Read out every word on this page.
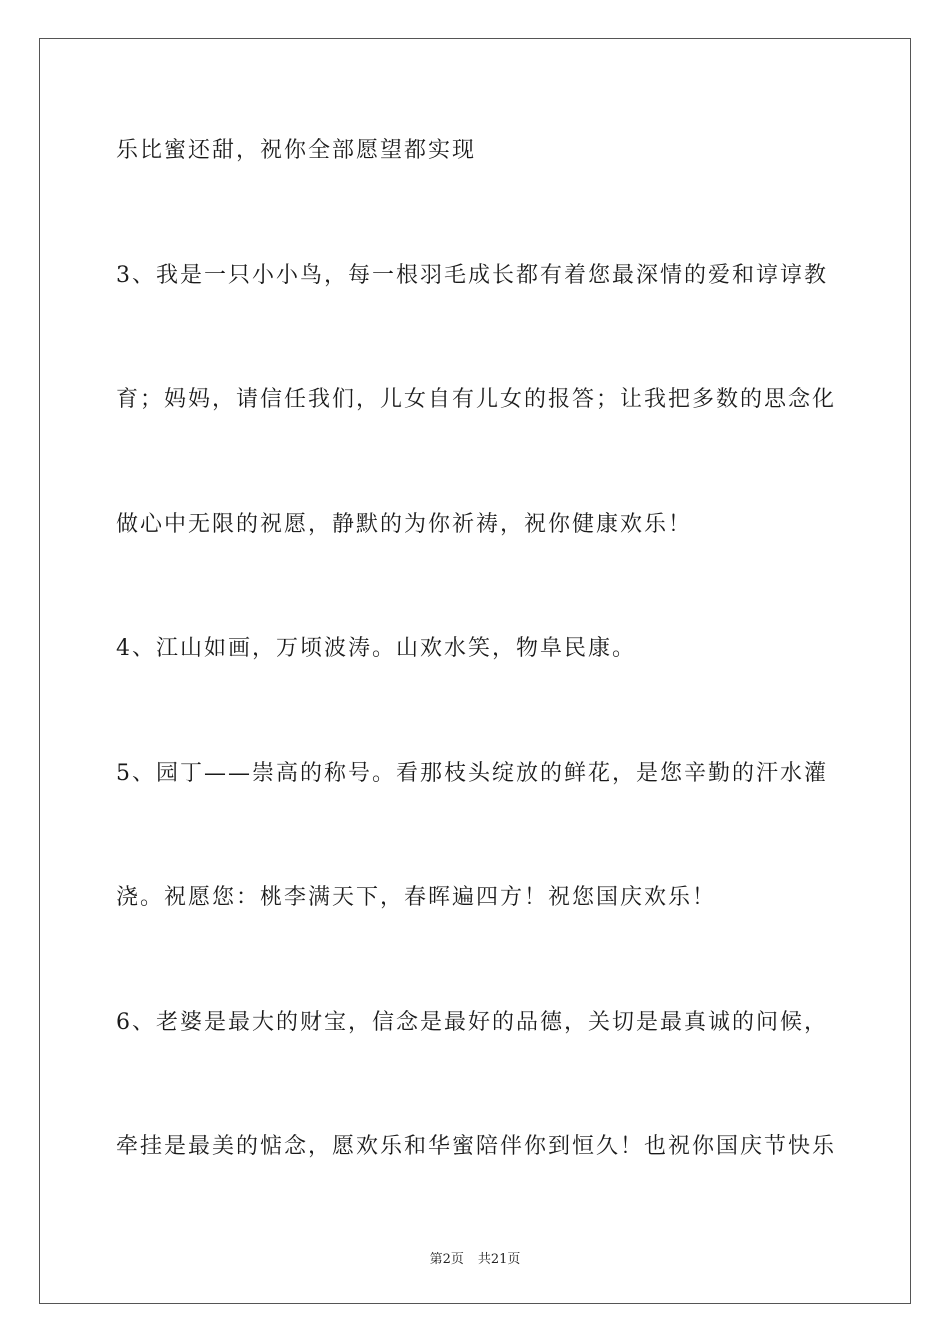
乐比蜜还甜，祝你全部愿望都实现
3、我是一只小小鸟，每一根羽毛成长都有着您最深情的爱和谆谆教
育；妈妈，请信任我们，儿女自有儿女的报答；让我把多数的思念化
做心中无限的祝愿，静默的为你祈祷，祝你健康欢乐！
4、江山如画，万顷波涛。山欢水笑，物阜民康。
5、园丁——崇高的称号。看那枝头绽放的鲜花，是您辛勤的汗水灌
浇。祝愿您：桃李满天下，春晖遍四方！祝您国庆欢乐！
6、老婆是最大的财宝，信念是最好的品德，关切是最真诚的问候，
牵挂是最美的惦念，愿欢乐和华蜜陪伴你到恒久！也祝你国庆节快乐
第2页 共21页
